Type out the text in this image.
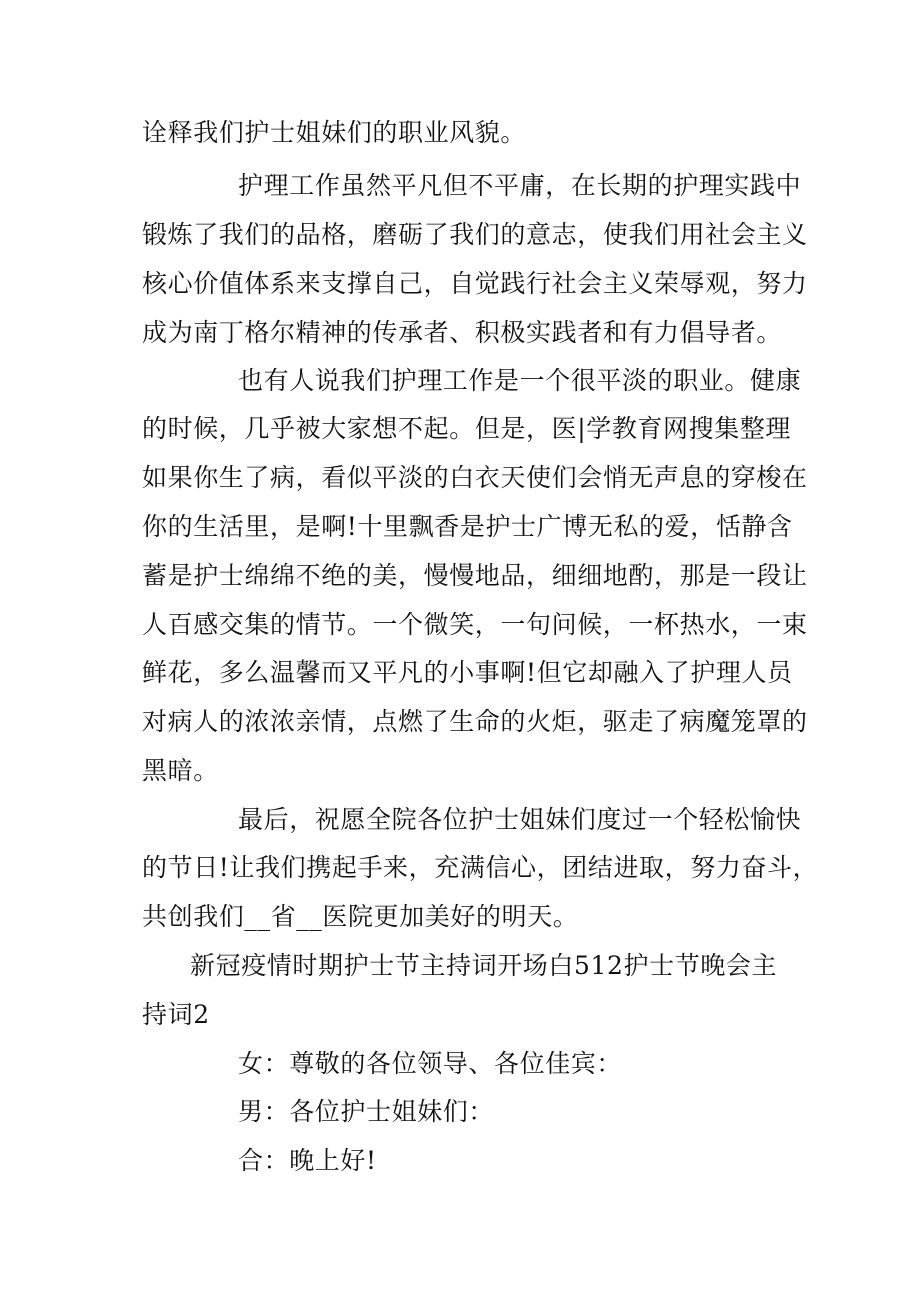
诠释我们护士姐妹们的职业风貌。

护理工作虽然平凡但不平庸，在长期的护理实践中

锻炼了我们的品格，磨砺了我们的意志，使我们用社会主义

核心价值体系来支撑自己，自觉践行社会主义荣辱观，努力

成为南丁格尔精神的传承者、积极实践者和有力倡导者。

也有人说我们护理工作是一个很平淡的职业。健康

的时候，几乎被大家想不起。但是，医|学教育网搜集整理

如果你生了病，看似平淡的白衣天使们会悄无声息的穿梭在

你的生活里，是啊!十里飘香是护士广博无私的爱，恬静含

蓄是护士绵绵不绝的美，慢慢地品，细细地酌，那是一段让

人百感交集的情节。一个微笑，一句问候，一杯热水，一束

鲜花，多么温馨而又平凡的小事啊!但它却融入了护理人员

对病人的浓浓亲情，点燃了生命的火炬，驱走了病魔笼罩的

黑暗。

最后，祝愿全院各位护士姐妹们度过一个轻松愉快

的节日!让我们携起手来，充满信心，团结进取，努力奋斗，

共创我们__省__医院更加美好的明天。

新冠疫情时期护士节主持词开场白512护士节晚会主

持词2

女：尊敬的各位领导、各位佳宾：

男：各位护士姐妹们：

合：晚上好!
